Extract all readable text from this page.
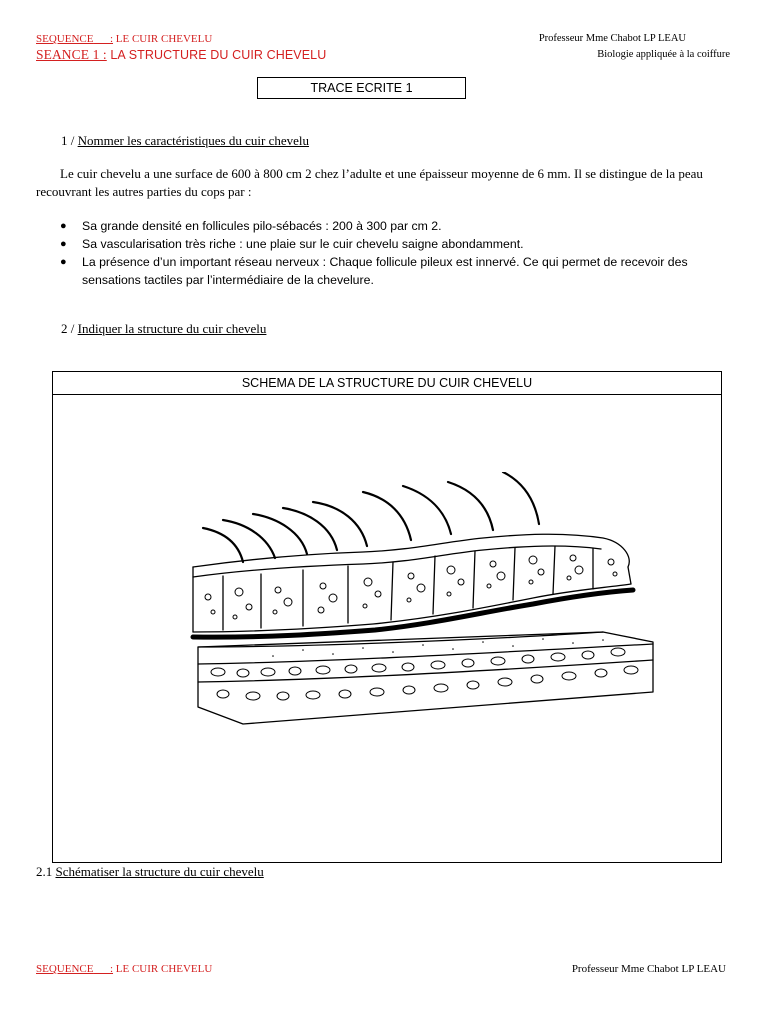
SEQUENCE      : LE CUIR CHEVELU
SEANCE 1 : LA STRUCTURE DU CUIR CHEVELU
Professeur Mme Chabot LP LEAU
Biologie appliquée à la coiffure
TRACE ECRITE 1
1 / Nommer les caractéristiques du cuir chevelu

Le cuir chevelu a une surface de 600 à 800 cm 2 chez l’adulte et une épaisseur moyenne de 6 mm. Il se distingue de la peau recouvrant les autres parties du cops par :

● Sa grande densité en follicules pilo-sébacés : 200 à 300 par cm 2.
● Sa vascularisation très riche : une plaie sur le cuir chevelu saigne abondamment.
● La présence d’un important réseau nerveux : Chaque follicule pileux est innervé. Ce qui permet de recevoir des sensations tactiles par l’intermédiaire de la chevelure.
2 / Indiquer la structure du cuir chevelu
SCHEMA DE LA STRUCTURE DU CUIR CHEVELU
2.1 Schématiser la structure du cuir chevelu
SEQUENCE      : LE CUIR CHEVELU	Professeur Mme Chabot LP LEAU
